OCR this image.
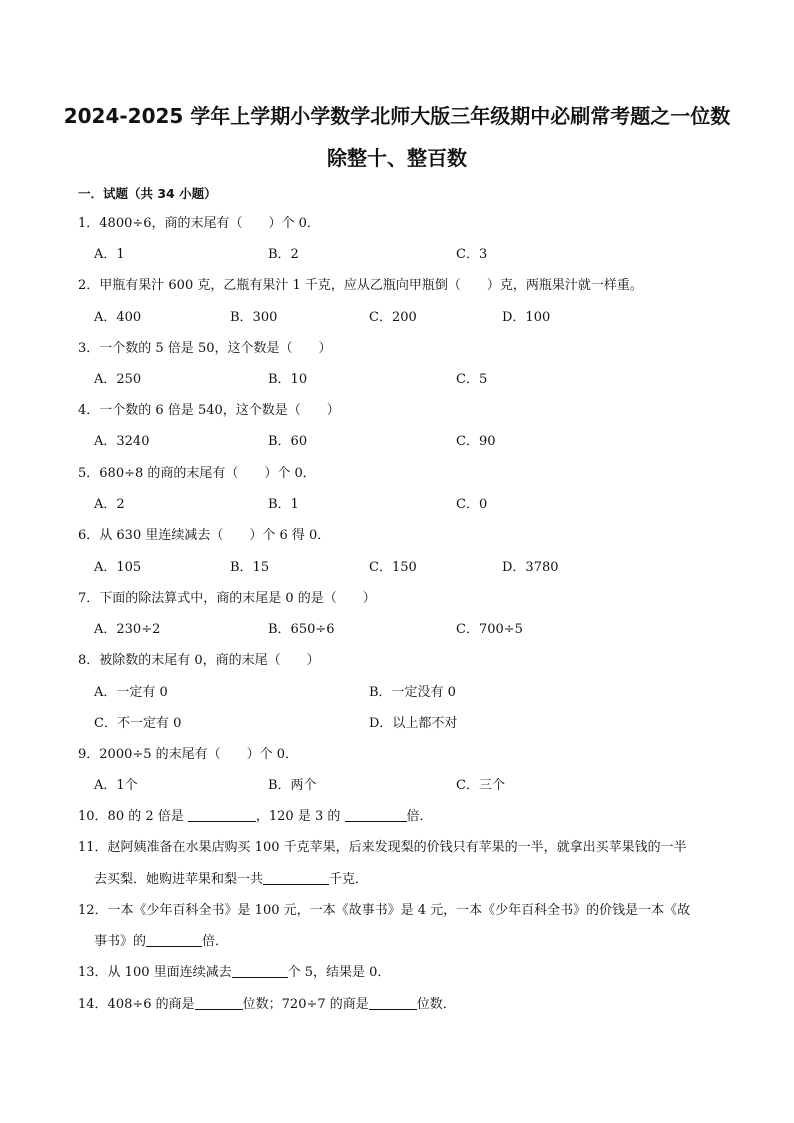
2024-2025 学年上学期小学数学北师大版三年级期中必刷常考题之一位数
除整十、整百数
一．试题（共 34 小题）
1．4800÷6，商的末尾有（　　）个 0．
A．1	B．2	C．3
2．甲瓶有果汁 600 克，乙瓶有果汁 1 千克，应从乙瓶向甲瓶倒（　　）克，两瓶果汁就一样重。
A．400	B．300	C．200	D．100
3．一个数的 5 倍是 50，这个数是（　　）
A．250	B．10	C．5
4．一个数的 6 倍是 540，这个数是（　　）
A．3240	B．60	C．90
5．680÷8 的商的末尾有（　　）个 0．
A．2	B．1	C．0
6．从 630 里连续减去（　　）个 6 得 0．
A．105	B．15	C．150	D．3780
7．下面的除法算式中，商的末尾是 0 的是（　　）
A．230÷2	B．650÷6	C．700÷5
8．被除数的末尾有 0，商的末尾（　　）
A．一定有 0	B．一定没有 0
C．不一定有 0	D．以上都不对
9．2000÷5 的末尾有（　　）个 0．
A．1个	B．两个	C．三个
10．80 的 2 倍是	，120 是 3 的	倍．
11．赵阿姨准备在水果店购买 100 千克苹果，后来发现梨的价钱只有苹果的一半，就拿出买苹果钱的一半
去买梨．她购进苹果和梨一共	千克．
12．一本《少年百科全书》是 100 元，一本《故事书》是 4 元，一本《少年百科全书》的价钱是一本《故
事书》的	倍．
13．从 100 里面连续减去	个 5，结果是 0．
14．408÷6 的商是	位数；720÷7 的商是	位数．
